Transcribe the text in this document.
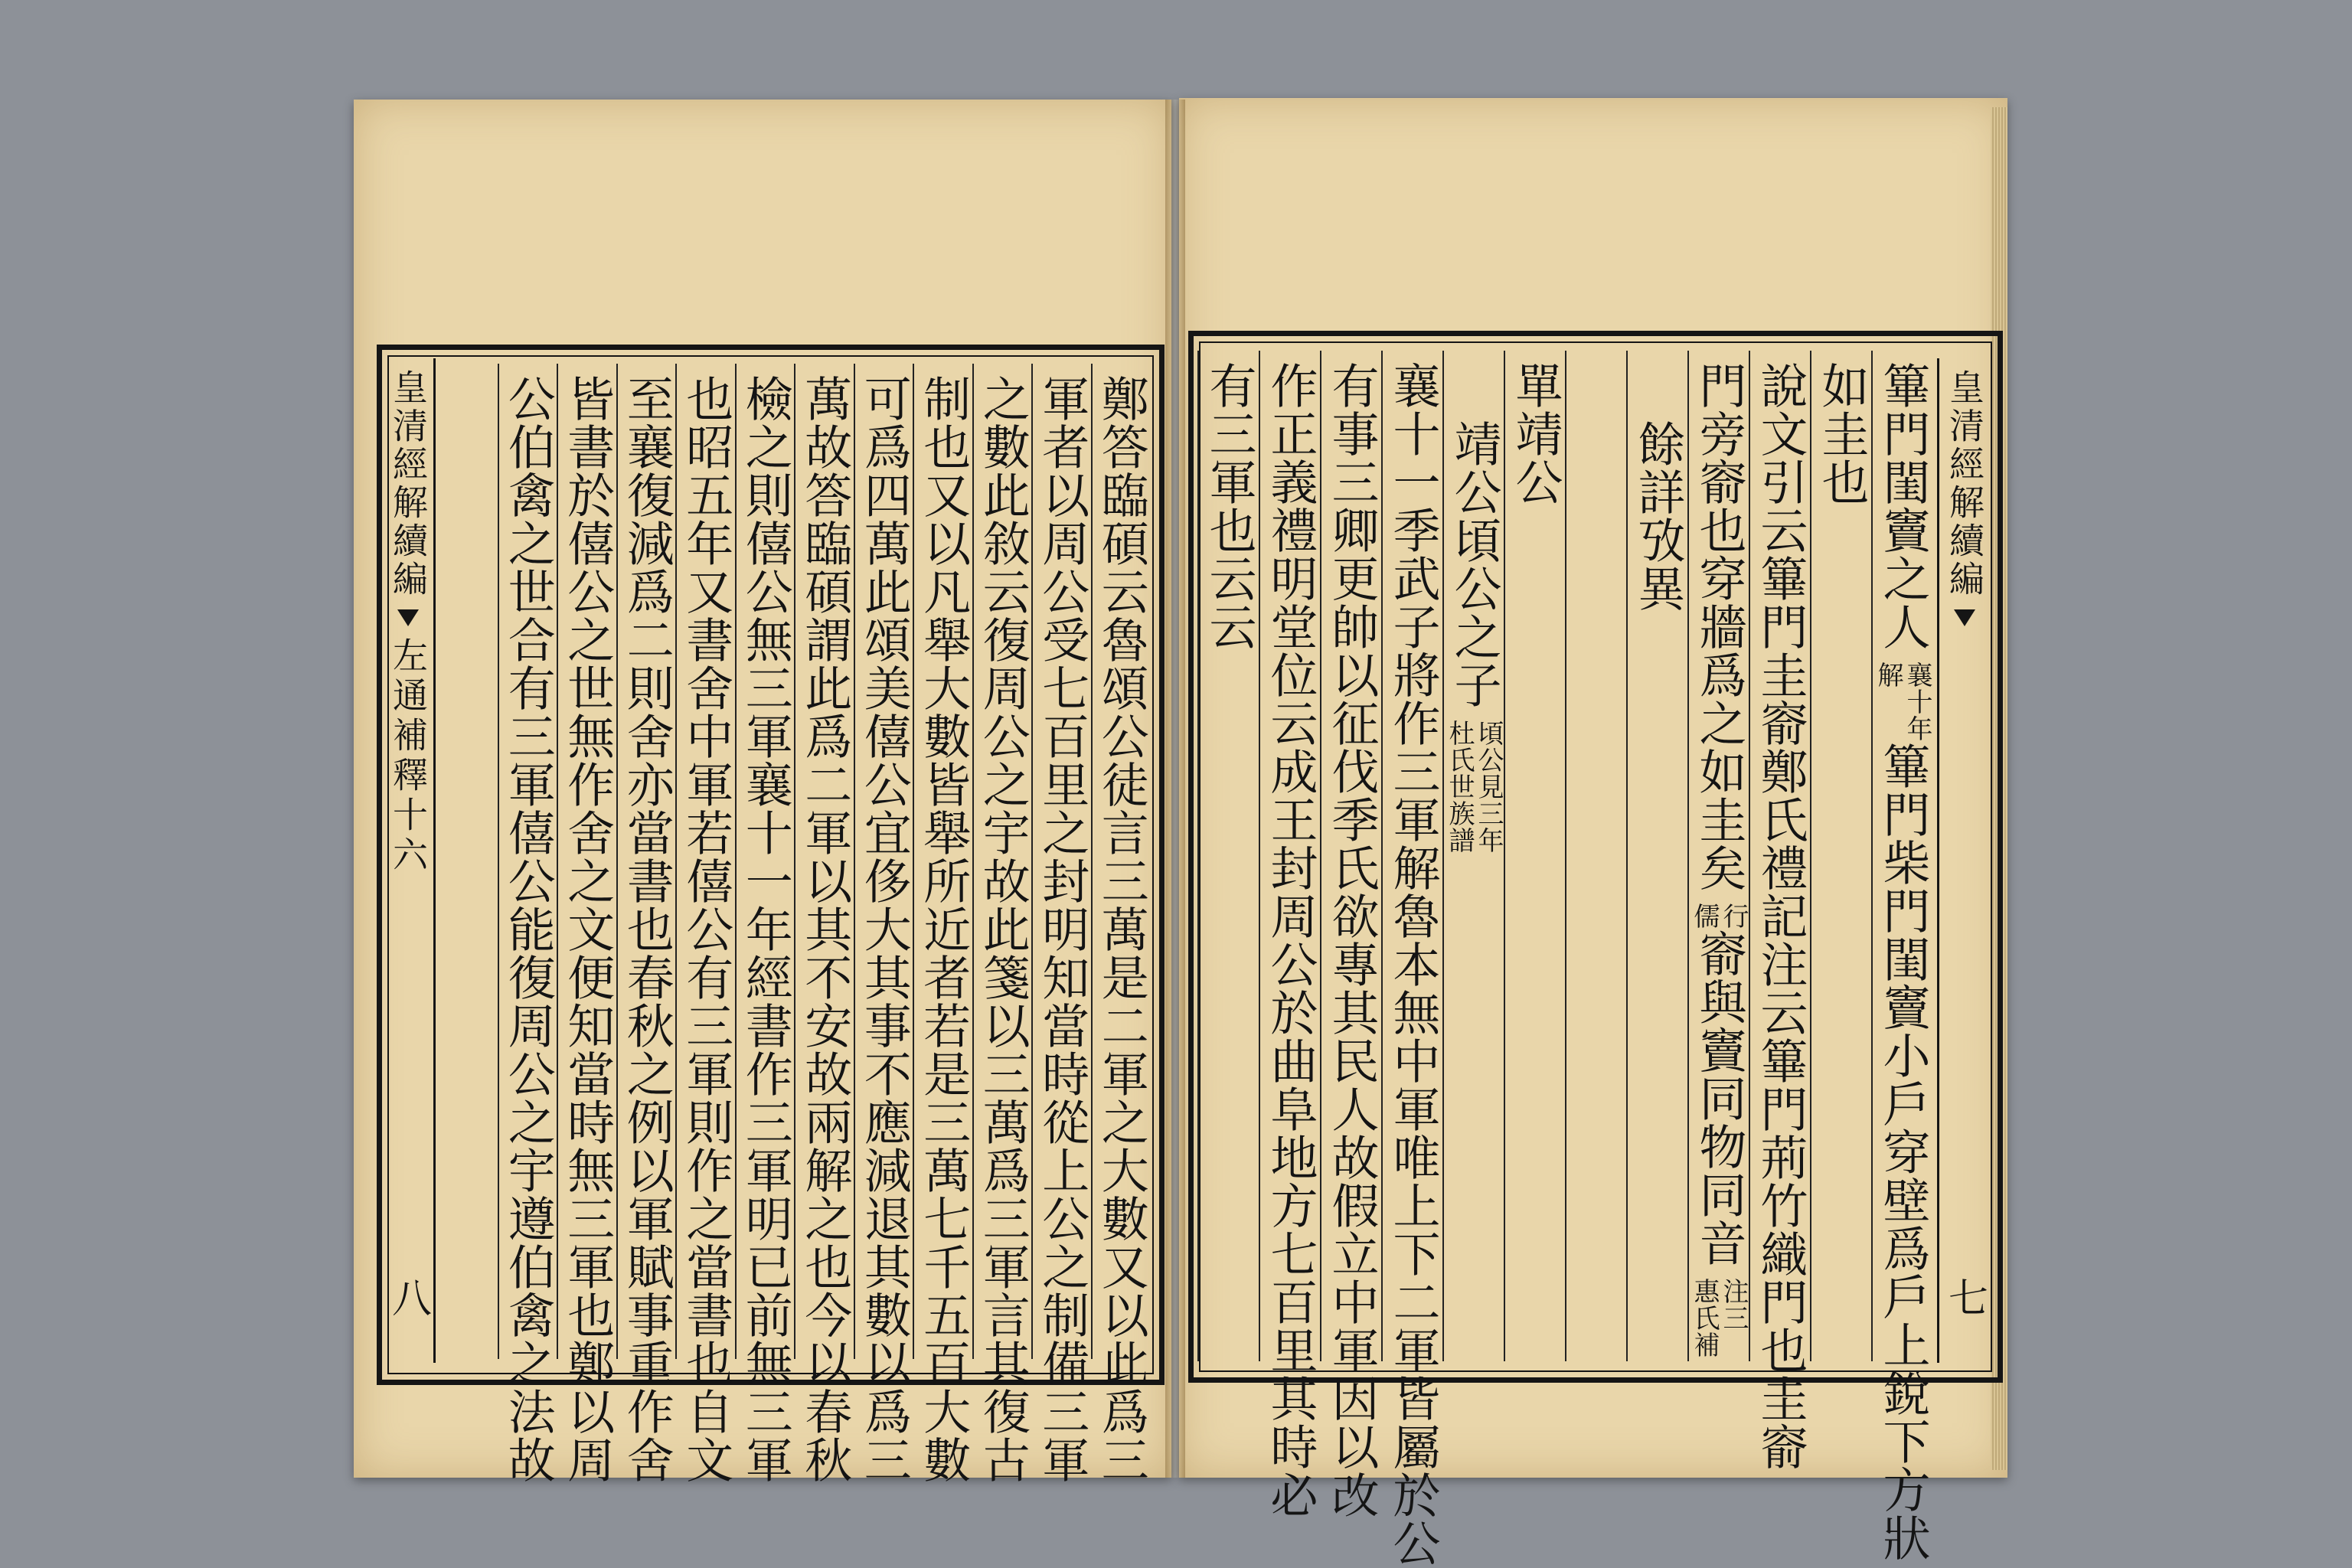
皇清經解續編
左通補釋十六
八	鄭答臨碩云魯頌公徒言三萬是二軍之大數又以此爲三
軍者以周公受七百里之封明知當時從上公之制備三軍
之數此敘云復周公之宇故此箋以三萬爲三軍言其復古
制也又以凡舉大數皆舉所近者若是三萬七千五百大數
可爲四萬此頌美僖公宜侈大其事不應減退其數以爲三
萬故答臨碩謂此爲二軍以其不安故兩解之也今以春秋
檢之則僖公無三軍襄十一年經書作三軍明已前無三軍
也昭五年又書舍中軍若僖公有三軍則作之當書也自文
至襄復減爲二則舍亦當書也春秋之例以軍賦事重作舍
皆書於僖公之世無作舍之文便知當時無三軍也鄭以周
公伯禽之世合有三軍僖公能復周公之宇遵伯禽之法故	皇清經解續編
七
篳門閨竇之人
襄十年
解
篳門柴門閨竇小戶穿壁爲戶上銳下方狀
如圭也
說文引云篳門圭窬鄭氏禮記注云篳門荊竹織門也圭窬
門旁窬也穿牆爲之如圭矣
行
儒
窬與竇同物同音
注三
惠氏補
餘詳攷異
單靖公
靖公頃公之子
頃公見三年
杜氏世族譜
襄十一季武子將作三軍解魯本無中軍唯上下二軍皆屬於公
有事三卿更帥以征伐季氏欲專其民人故假立中軍因以改
作正義禮明堂位云成王封周公於曲阜地方七百里其時必
有三軍也云云
